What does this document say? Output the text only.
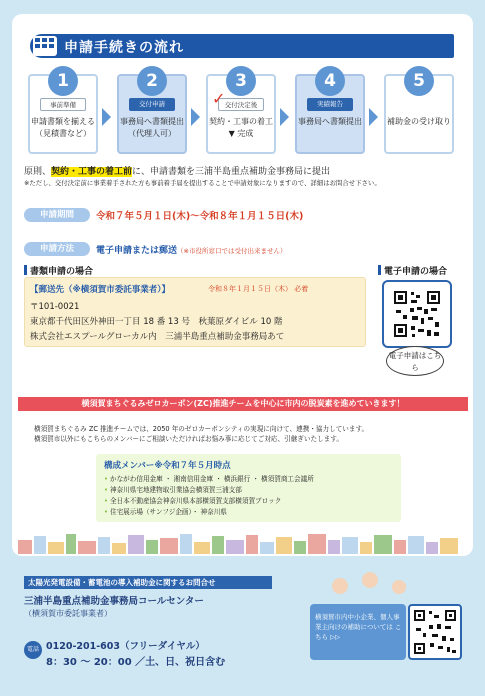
申請手続きの流れ
1	2	3	4	5
事前準備	交付申請	交付決定後	実績報告
✓
申請書類を揃える（見積書など）
事務局へ書類提出（代理人可）
契約・工事の着工 ▼ 完成
事務局へ書類提出	補助金の受け取り
原則、契約・工事の着工前に、申請書類を三浦半島重点補助金事務局に提出
※ただし、交付決定前に事業着手された方も事前着手届を提出することで申請対象になりますので、詳細はお問合せ下さい。
申請期間	令和７年５月１日(木)～令和８年１月１５日(木)
申請方法	電子申請または郵送（※市役所窓口では受付出来ません）
書類申請の場合	電子申請の場合
【郵送先（※横須賀市委託事業者）】	令和８年１月１５日（木） 必着
〒101-0021
東京都千代田区外神田一丁目 18 番 13 号　秋葉原ダイビル 10 階
株式会社エスプールグローカル内　三浦半島重点補助金事務局あて
電子申請はこちら
横須賀まちぐるみゼロカーボン(ZC)推進チームを中心に市内の脱炭素を進めていきます！
横須賀まちぐるみ ZC 推進チームでは、2050 年のゼロカーボンシティの実現に向けて、連携・協力しています。
横須賀市以外にもこちらのメンバーにご相談いただければお悩み事に応じてご対応、引継ぎいたします。
構成メンバー※令和７年５月時点
• かながわ信用金庫 ・ 湘南信用金庫 ・ 横浜銀行 ・ 横須賀商工会議所
• 神奈川県宅地建物取引業協会横須賀三浦支部
• 全日本不動産協会神奈川県本部横須賀支部横須賀ブロック
• 住宅展示場（サンフジ企画）・ 神奈川県
太陽光発電設備・蓄電池の導入補助金に関するお問合せ
三浦半島重点補助金事務局コールセンター
（横須賀市委託事業者）
電話 0120-201-603（フリーダイヤル）
8：30 ～ 20：00 ／土、日、祝日含む
横須賀市内中小企業、個人事業主向けの補助については こちら ▷▷
